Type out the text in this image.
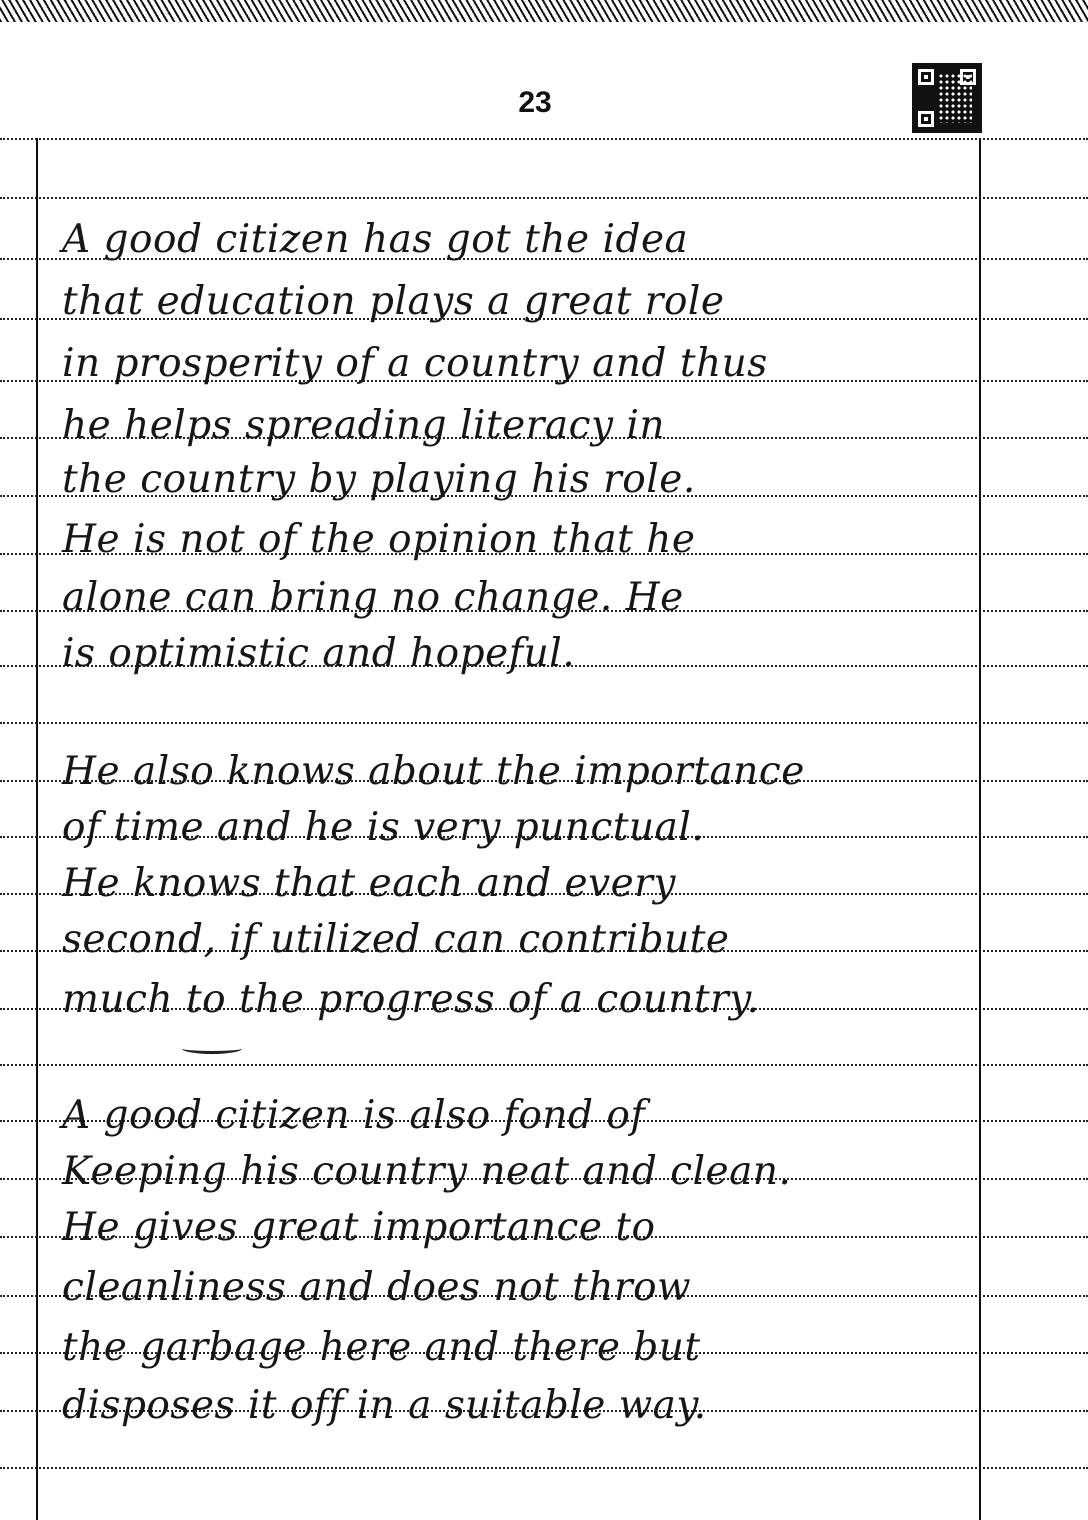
23
A good citizen has got the idea
that education plays a great role
in prosperity of a country and thus
he helps spreading literacy in
the country by playing his role.
He is not of the opinion that he
alone can bring no change. He
is optimistic and hopeful.
He also knows about the importance
of time and he is very punctual.
He knows that each and every
second, if utilized can contribute
much to the progress of a country.
A good citizen is also fond of
Keeping his country neat and clean.
He gives great importance to
cleanliness and does not throw
the garbage here and there but
disposes it off in a suitable way.
